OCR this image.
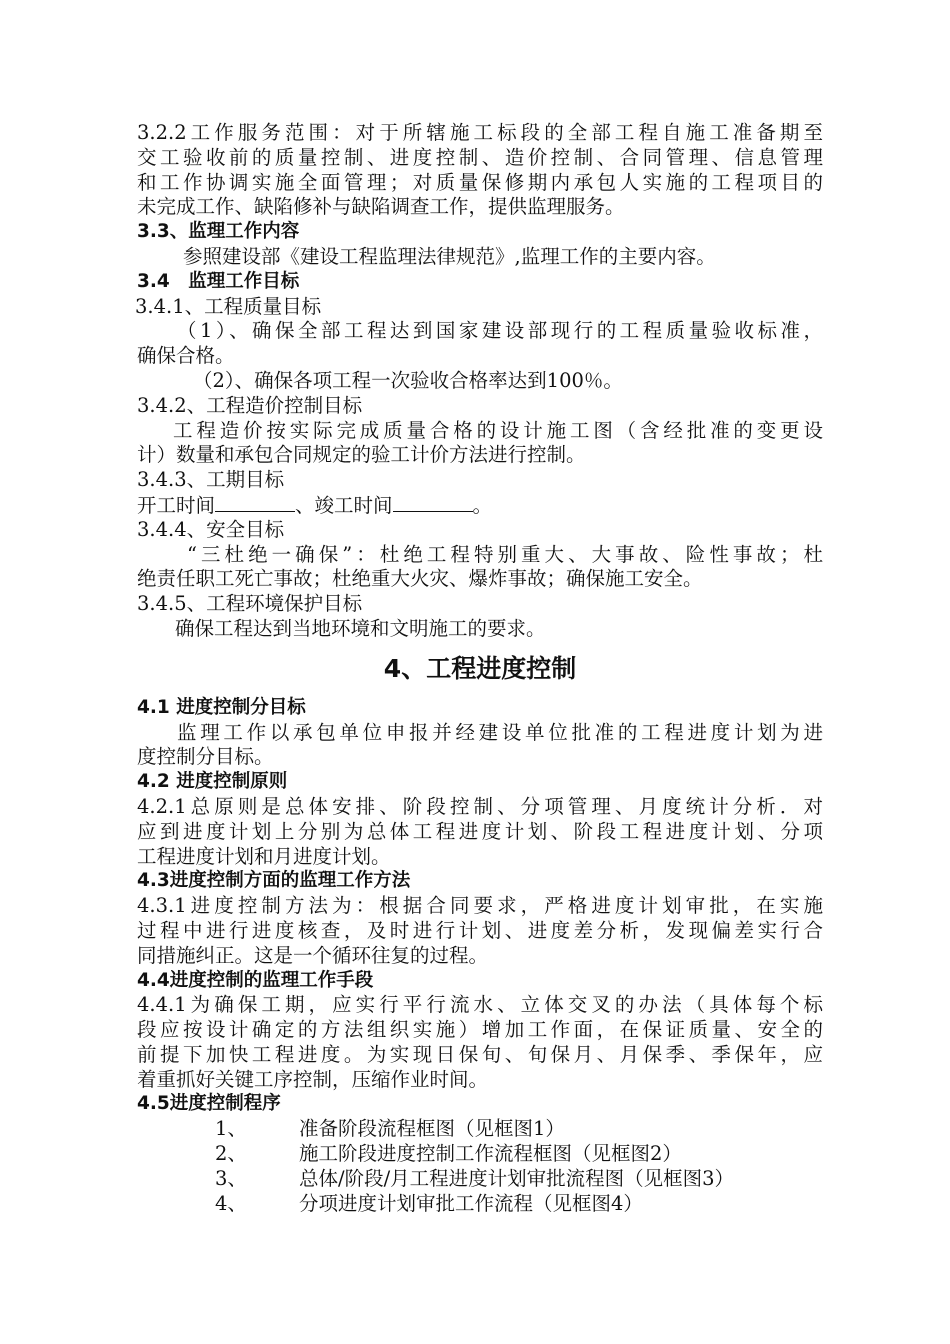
3.2.2工作服务范围：对于所辖施工标段的全部工程自施工准备期至
交工验收前的质量控制、进度控制、造价控制、合同管理、信息管理
和工作协调实施全面管理；对质量保修期内承包人实施的工程项目的
未完成工作、缺陷修补与缺陷调查工作，提供监理服务。
3.3、监理工作内容
参照建设部《建设工程监理法律规范》,监理工作的主要内容。
3.4　监理工作目标
3.4.1、工程质量目标
（1）、确保全部工程达到国家建设部现行的工程质量验收标准，
确保合格。
（2）、确保各项工程一次验收合格率达到100％。
3.4.2、工程造价控制目标
工程造价按实际完成质量合格的设计施工图（含经批准的变更设
计）数量和承包合同规定的验工计价方法进行控制。
3.4.3、工期目标
开工时间	、竣工时间	。
3.4.4、安全目标
“三杜绝一确保”：杜绝工程特别重大、大事故、险性事故；杜
绝责任职工死亡事故；杜绝重大火灾、爆炸事故；确保施工安全。
3.4.5、工程环境保护目标
确保工程达到当地环境和文明施工的要求。
4、工程进度控制
4.1 进度控制分目标
监理工作以承包单位申报并经建设单位批准的工程进度计划为进
度控制分目标。
4.2 进度控制原则
4.2.1总原则是总体安排、阶段控制、分项管理、月度统计分析．对
应到进度计划上分别为总体工程进度计划、阶段工程进度计划、分项
工程进度计划和月进度计划。
4.3进度控制方面的监理工作方法
4.3.1进度控制方法为：根据合同要求，严格进度计划审批，在实施
过程中进行进度核查，及时进行计划、进度差分析，发现偏差实行合
同措施纠正。这是一个循环往复的过程。
4.4进度控制的监理工作手段
4.4.1为确保工期，应实行平行流水、立体交叉的办法（具体每个标
段应按设计确定的方法组织实施）增加工作面，在保证质量、安全的
前提下加快工程进度。为实现日保旬、旬保月、月保季、季保年，应
着重抓好关键工序控制，压缩作业时间。
4.5进度控制程序
1、	准备阶段流程框图（见框图1）
2、	施工阶段进度控制工作流程框图（见框图2）
3、	总体/阶段/月工程进度计划审批流程图（见框图3）
4、	分项进度计划审批工作流程（见框图4）
